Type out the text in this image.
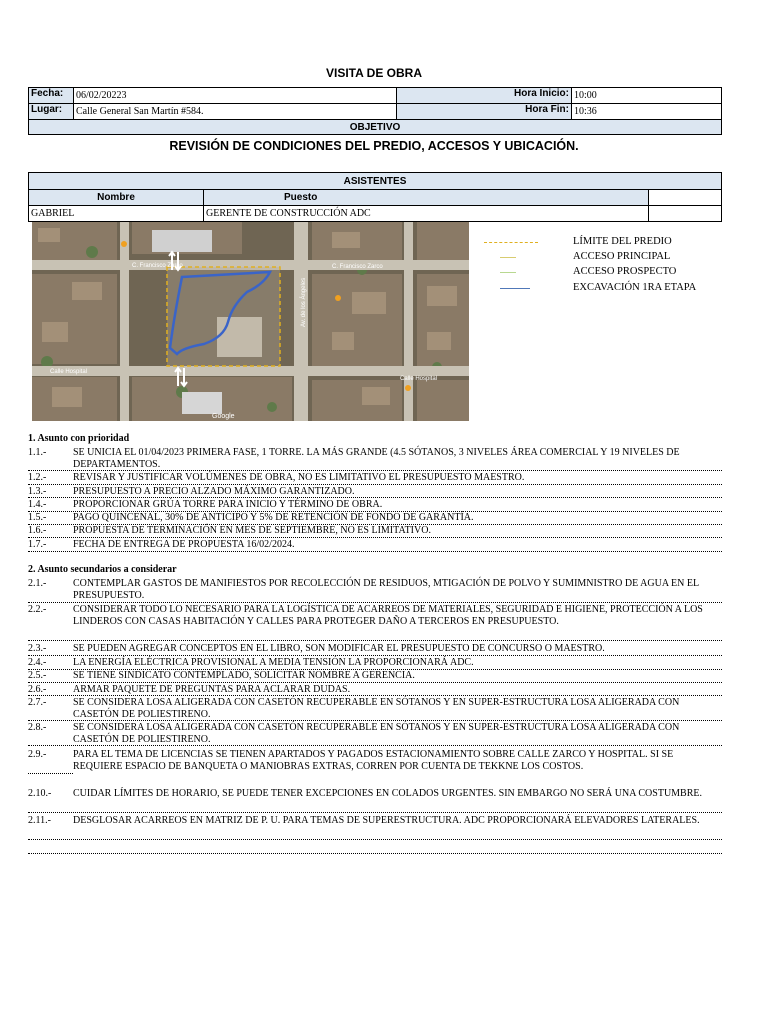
VISITA DE OBRA
Fecha:	06/02/20223	Hora Inicio:	10:00
Lugar:	Calle General San Martín #584.	Hora Fin:	10:36
OBJETIVO			
REVISIÓN DE CONDICIONES DEL PREDIO, ACCESOS Y UBICACIÓN.
ASISTENTES		
Nombre	Puesto	
GABRIEL	GERENTE DE CONSTRUCCIÓN ADC	
C. Francisco Zarco	C. Francisco Zarco
Calle Hospital
Calle Hospital
Av. de los Ángeles
Google
LÍMITE DEL PREDIO
ACCESO PRINCIPAL
ACCESO PROSPECTO
EXCAVACIÓN 1RA ETAPA
1. Asunto con prioridad
1.1.-	SE UNICIA EL 01/04/2023 PRIMERA FASE, 1 TORRE. LA MÁS GRANDE (4.5 SÓTANOS, 3 NIVELES ÁREA COMERCIAL Y 19 NIVELES DE DEPARTAMENTOS.
1.2.-	REVISAR Y JUSTIFICAR VOLÚMENES DE OBRA, NO ES LIMITATIVO EL PRESUPUESTO MAESTRO.
1.3.-	PRESUPUESTO A PRECIO ALZADO MÁXIMO GARANTIZADO.
1.4.-	PROPORCIONAR GRÚA TORRE PARA INICIO Y TÉRMINO DE OBRA.
1.5.-	PAGO QUINCENAL, 30% DE ANTICIPO Y 5% DE RETENCIÓN DE FONDO DE GARANTÍA.
1.6.-	PROPUESTA DE TERMINACIÓN EN MES DE SEPTIEMBRE, NO ES LIMITATIVO.
1.7.-	FECHA DE ENTREGA DE PROPUESTA 16/02/2024.
2. Asunto secundarios a considerar
2.1.-	CONTEMPLAR GASTOS DE MANIFIESTOS POR RECOLECCIÓN DE RESIDUOS, MTIGACIÓN DE POLVO Y SUMIMNISTRO DE AGUA EN EL PRESUPUESTO.
2.2.-	CONSIDERAR TODO LO NECESARIO PARA LA LOGÍSTICA DE ACARREOS DE MATERIALES, SEGURIDAD E HIGIENE, PROTECCIÓN A LOS LINDEROS CON CASAS HABITACIÓN Y CALLES PARA PROTEGER DAÑO A TERCEROS EN PRESUPUESTO.
2.3.-	SE PUEDEN AGREGAR CONCEPTOS EN EL LIBRO, SON MODIFICAR EL PRESUPUESTO DE CONCURSO O MAESTRO.
2.4.-	LA ENERGÍA ELÉCTRICA PROVISIONAL A MEDIA TENSIÓN LA PROPORCIONARÁ ADC.
2.5.-	SE TIENE SINDICATO CONTEMPLADO, SOLICITAR NOMBRE A GERENCIA.
2.6.-	ARMAR PAQUETE DE PREGUNTAS PARA ACLARAR DUDAS.
2.7.-	SE CONSIDERA LOSA ALIGERADA CON CASETÓN RECUPERABLE EN SÓTANOS Y EN SUPER-ESTRUCTURA LOSA ALIGERADA CON CASETÓN DE POLIESTIRENO.
2.8.-	SE CONSIDERA LOSA ALIGERADA CON CASETÓN RECUPERABLE EN SÓTANOS Y EN SUPER-ESTRUCTURA LOSA ALIGERADA CON CASETÓN DE POLIESTIRENO.
2.9.-	PARA EL TEMA DE LICENCIAS SE TIENEN APARTADOS Y PAGADOS ESTACIONAMIENTO SOBRE CALLE ZARCO Y HOSPITAL. SI SE REQUIERE ESPACIO DE BANQUETA O MANIOBRAS EXTRAS, CORREN POR CUENTA DE TEKKNE LOS COSTOS.
2.10.-	CUIDAR LÍMITES DE HORARIO, SE PUEDE TENER EXCEPCIONES EN COLADOS URGENTES. SIN EMBARGO NO SERÁ UNA COSTUMBRE.
2.11.-	DESGLOSAR ACARREOS EN MATRIZ DE P. U. PARA TEMAS DE SUPERESTRUCTURA. ADC PROPORCIONARÁ ELEVADORES LATERALES.
